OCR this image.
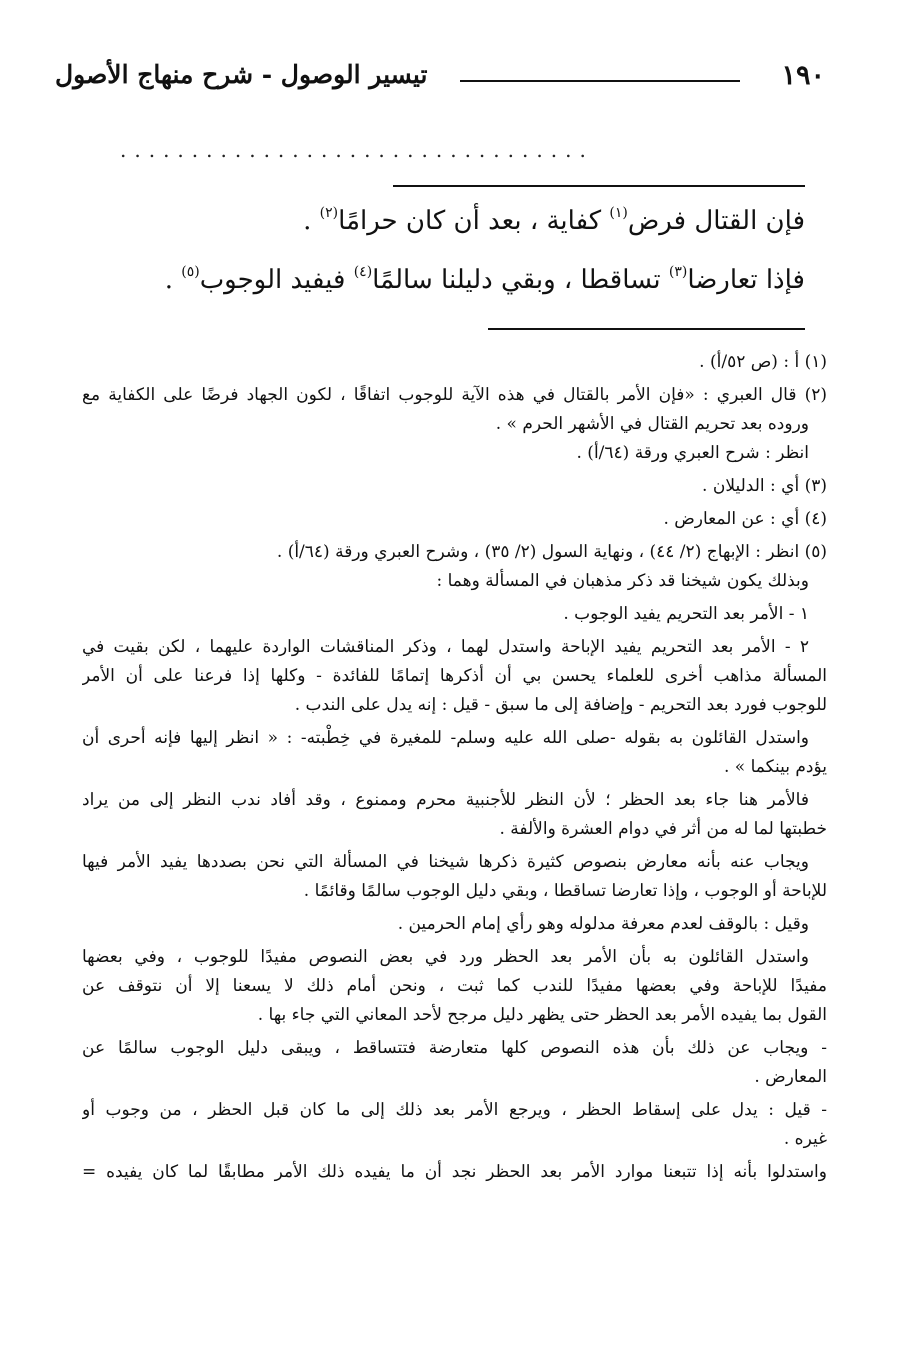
١٩٠
تيسير الوصول - شرح منهاج الأصول
.................................
فإن القتال فرض$^{(١)}$ كفاية ، بعد أن كان حرامًا$^{(٢)}$ .
فإذا تعارضا$^{(٣)}$ تساقطا ، وبقي دليلنا سالمًا$^{(٤)}$ فيفيد الوجوب$^{(٥)}$ .
(١) أ : (ص ٥٢/أ) .
(٢) قال العبري : «فإن الأمر بالقتال في هذه الآية للوجوب اتفاقًا ، لكون الجهاد فرضًا على الكفاية مع
وروده بعد تحريم القتال في الأشهر الحرم » .
انظر : شرح العبري ورقة (٦٤/أ) .
(٣) أي : الدليلان .
(٤) أي : عن المعارض .
(٥) انظر : الإبهاج (٢/ ٤٤) ، ونهاية السول (٢/ ٣٥) ، وشرح العبري ورقة (٦٤/أ) .
وبذلك يكون شيخنا قد ذكر مذهبان في المسألة وهما :
١ - الأمر بعد التحريم يفيد الوجوب .
٢ - الأمر بعد التحريم يفيد الإباحة واستدل لهما ، وذكر المناقشات الواردة عليهما ، لكن بقيت في
المسألة مذاهب أخرى للعلماء يحسن بي أن أذكرها إتمامًا للفائدة - وكلها إذا فرعنا على أن الأمر
للوجوب فورد بعد التحريم - وإضافة إلى ما سبق - قيل : إنه يدل على الندب .
واستدل القائلون به بقوله -صلى الله عليه وسلم- للمغيرة في خِطْبته- : « انظر إليها فإنه أحرى أن
يؤدم بينكما » .
فالأمر هنا جاء بعد الحظر ؛ لأن النظر للأجنبية محرم وممنوع ، وقد أفاد ندب النظر إلى من يراد
خطبتها لما له من أثر في دوام العشرة والألفة .
ويجاب عنه بأنه معارض بنصوص كثيرة ذكرها شيخنا في المسألة التي نحن بصددها يفيد الأمر فيها
للإباحة أو الوجوب ، وإذا تعارضا تساقطا ، وبقي دليل الوجوب سالمًا وقائمًا .
وقيل : بالوقف لعدم معرفة مدلوله وهو رأي إمام الحرمين .
واستدل القائلون به بأن الأمر بعد الحظر ورد في بعض النصوص مفيدًا للوجوب ، وفي بعضها
مفيدًا للإباحة وفي بعضها مفيدًا للندب كما ثبت ، ونحن أمام ذلك لا يسعنا إلا أن نتوقف عن
القول بما يفيده الأمر بعد الحظر حتى يظهر دليل مرجح لأحد المعاني التي جاء بها .
- ويجاب عن ذلك بأن هذه النصوص كلها متعارضة فتتساقط ، ويبقى دليل الوجوب سالمًا عن
المعارض .
- قيل : يدل على إسقاط الحظر ، ويرجع الأمر بعد ذلك إلى ما كان قبل الحظر ، من وجوب أو
غيره .
واستدلوا بأنه إذا تتبعنا موارد الأمر بعد الحظر نجد أن ما يفيده ذلك الأمر مطابقًا لما كان يفيده =
